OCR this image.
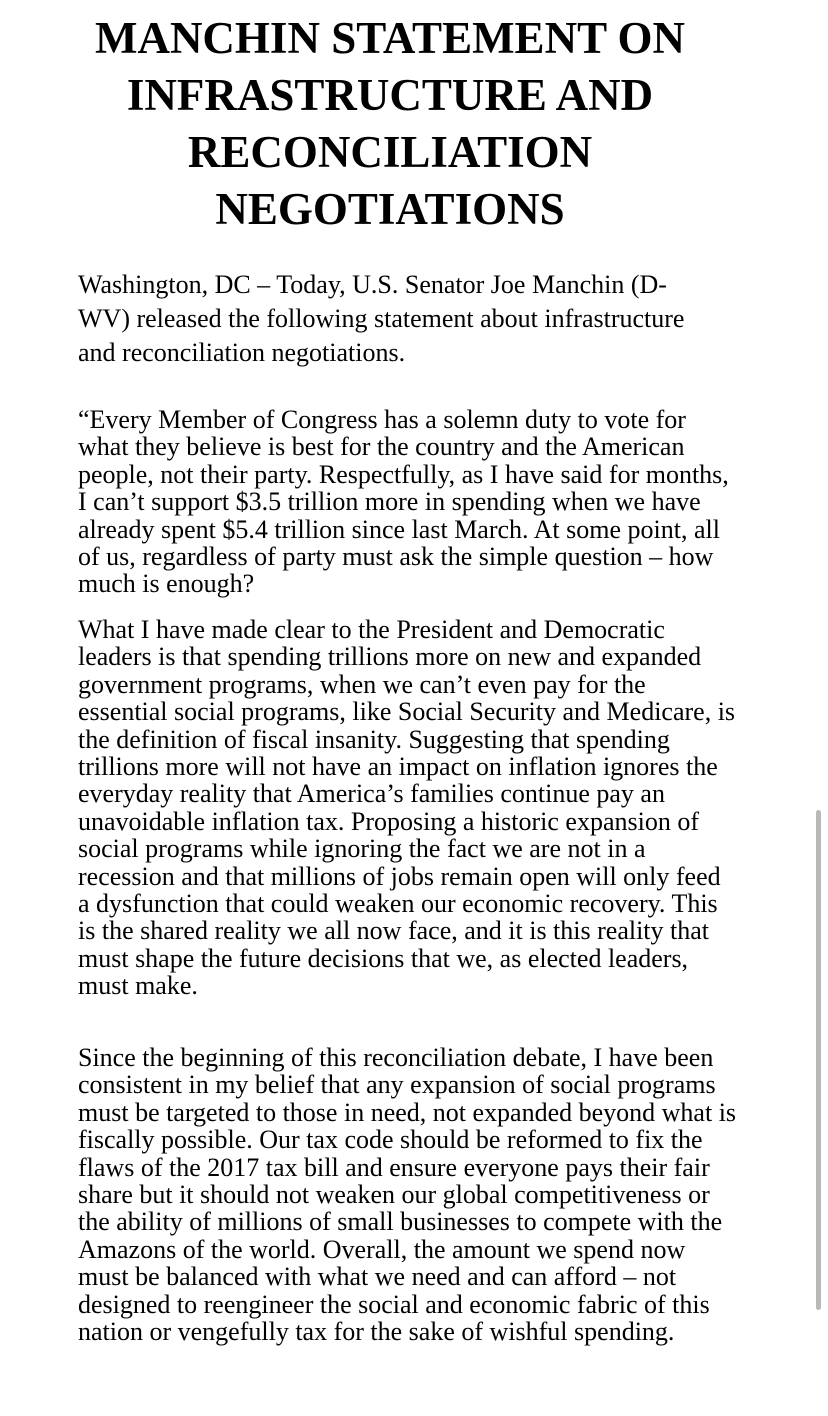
MANCHIN STATEMENT ON INFRASTRUCTURE AND RECONCILIATION NEGOTIATIONS

Washington, DC – Today, U.S. Senator Joe Manchin (D-WV) released the following statement about infrastructure and reconciliation negotiations.

“Every Member of Congress has a solemn duty to vote for what they believe is best for the country and the American people, not their party. Respectfully, as I have said for months, I can’t support $3.5 trillion more in spending when we have already spent $5.4 trillion since last March. At some point, all of us, regardless of party must ask the simple question – how much is enough?

What I have made clear to the President and Democratic leaders is that spending trillions more on new and expanded government programs, when we can’t even pay for the essential social programs, like Social Security and Medicare, is the definition of fiscal insanity. Suggesting that spending trillions more will not have an impact on inflation ignores the everyday reality that America’s families continue pay an unavoidable inflation tax. Proposing a historic expansion of social programs while ignoring the fact we are not in a recession and that millions of jobs remain open will only feed a dysfunction that could weaken our economic recovery. This is the shared reality we all now face, and it is this reality that must shape the future decisions that we, as elected leaders, must make.

Since the beginning of this reconciliation debate, I have been consistent in my belief that any expansion of social programs must be targeted to those in need, not expanded beyond what is fiscally possible. Our tax code should be reformed to fix the flaws of the 2017 tax bill and ensure everyone pays their fair share but it should not weaken our global competitiveness or the ability of millions of small businesses to compete with the Amazons of the world. Overall, the amount we spend now must be balanced with what we need and can afford – not designed to reengineer the social and economic fabric of this nation or vengefully tax for the sake of wishful spending.
